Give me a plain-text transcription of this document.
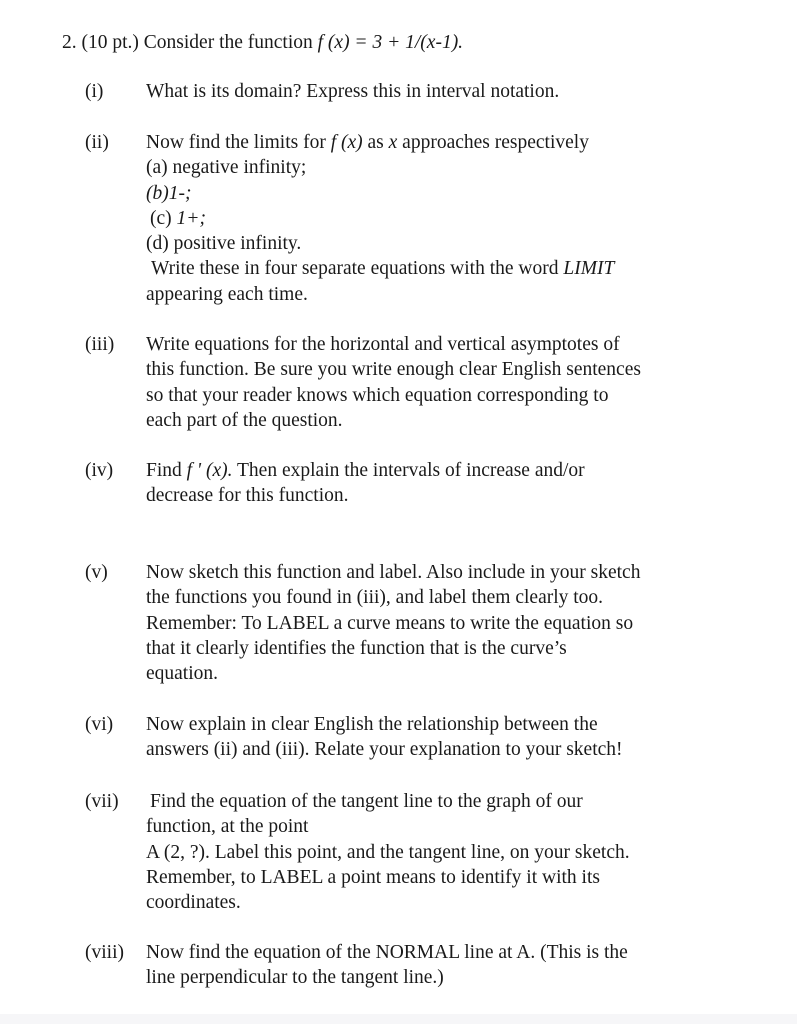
2. (10 pt.) Consider the function f (x) = 3 + 1/(x-1).
(i) What is its domain? Express this in interval notation.
(ii) Now find the limits for f (x) as x approaches respectively
(a) negative infinity;
(b)1-;
(c) 1+;
(d) positive infinity.
Write these in four separate equations with the word LIMIT
appearing each time.
(iii) Write equations for the horizontal and vertical asymptotes of
this function. Be sure you write enough clear English sentences
so that your reader knows which equation corresponding to
each part of the question.
(iv) Find f ' (x). Then explain the intervals of increase and/or
decrease for this function.
(v) Now sketch this function and label. Also include in your sketch
the functions you found in (iii), and label them clearly too.
Remember: To LABEL a curve means to write the equation so
that it clearly identifies the function that is the curve’s
equation.
(vi) Now explain in clear English the relationship between the
answers (ii) and (iii). Relate your explanation to your sketch!
(vii) Find the equation of the tangent line to the graph of our
function, at the point
A (2, ?). Label this point, and the tangent line, on your sketch.
Remember, to LABEL a point means to identify it with its
coordinates.
(viii) Now find the equation of the NORMAL line at A. (This is the
line perpendicular to the tangent line.)
